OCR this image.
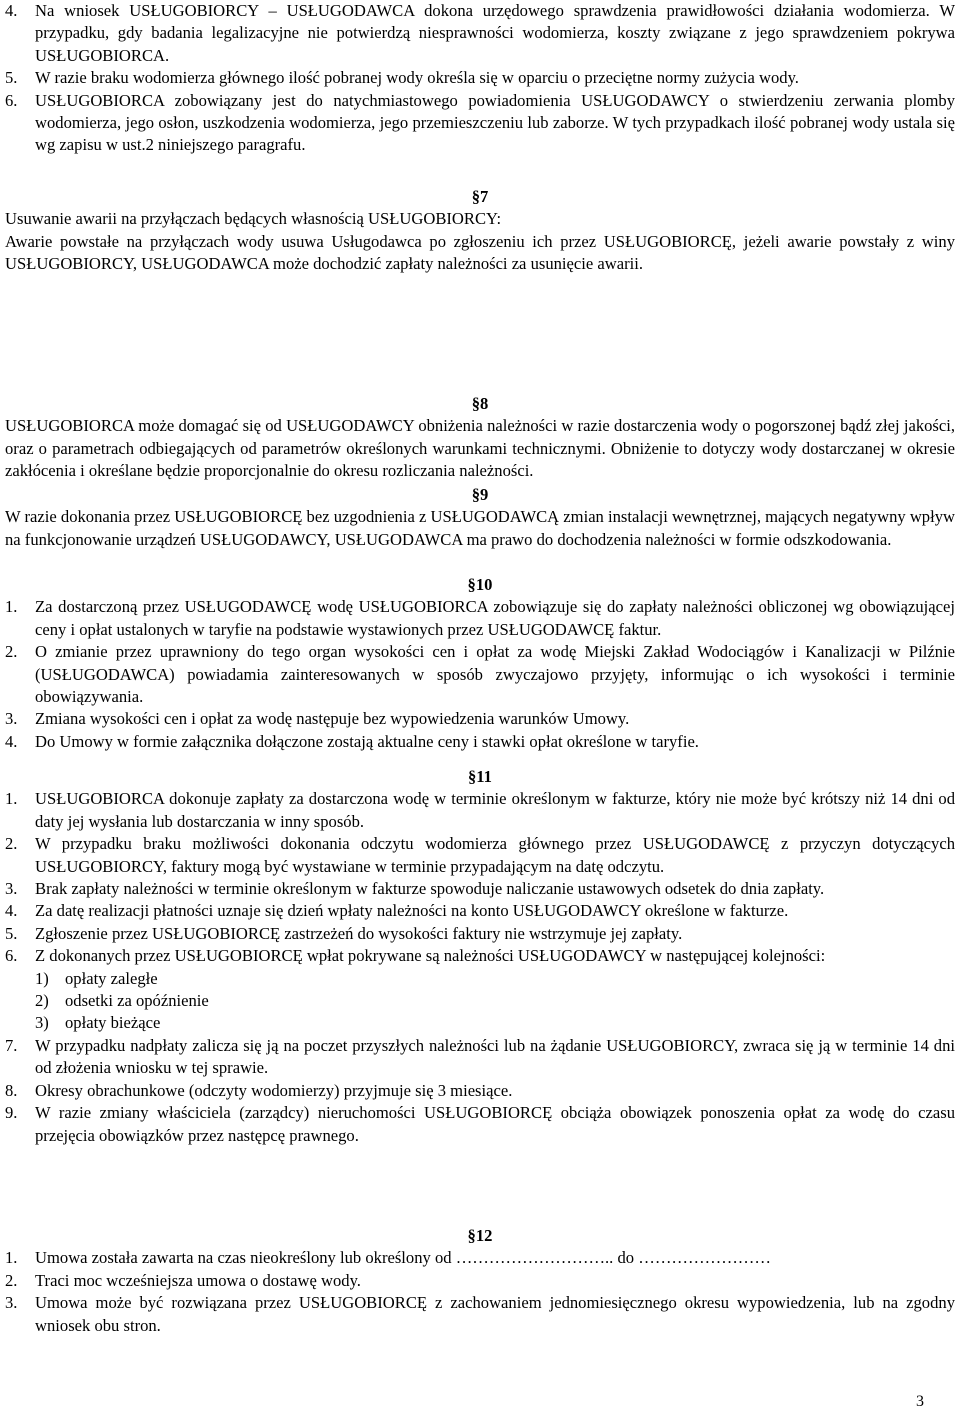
4. Na wniosek USŁUGOBIORCY – USŁUGODAWCA dokona urzędowego sprawdzenia prawidłowości działania wodomierza. W przypadku, gdy badania legalizacyjne nie potwierdzą niesprawności wodomierza, koszty związane z jego sprawdzeniem pokrywa USŁUGOBIORCA.
5. W razie braku wodomierza głównego ilość pobranej wody określa się w oparciu o przeciętne normy zużycia wody.
6. USŁUGOBIORCA zobowiązany jest do natychmiastowego powiadomienia USŁUGODAWCY o stwierdzeniu zerwania plomby wodomierza, jego osłon, uszkodzenia wodomierza, jego przemieszczeniu lub zaborze. W tych przypadkach ilość pobranej wody ustala się wg zapisu w ust.2 niniejszego paragrafu.
§7
Usuwanie awarii na przyłączach będących własnością USŁUGOBIORCY:
Awarie powstałe na przyłączach wody usuwa Usługodawca po zgłoszeniu ich przez USŁUGOBIORCĘ, jeżeli awarie powstały z winy USŁUGOBIORCY, USŁUGODAWCA może dochodzić zapłaty należności za usunięcie awarii.
§8
USŁUGOBIORCA może domagać się od USŁUGODAWCY obniżenia należności w razie dostarczenia wody o pogorszonej bądź złej jakości, oraz o parametrach odbiegających od parametrów określonych warunkami technicznymi. Obniżenie to dotyczy wody dostarczanej w okresie zakłócenia i określane będzie proporcjonalnie do okresu rozliczania należności.
§9
W razie dokonania przez USŁUGOBIORCĘ bez uzgodnienia z USŁUGODAWCĄ zmian instalacji wewnętrznej, mających negatywny wpływ na funkcjonowanie urządzeń USŁUGODAWCY, USŁUGODAWCA ma prawo do dochodzenia należności w formie odszkodowania.
§10
1. Za dostarczoną przez USŁUGODAWCĘ wodę USŁUGOBIORCA zobowiązuje się do zapłaty należności obliczonej wg obowiązującej ceny i opłat ustalonych w taryfie na podstawie wystawionych przez USŁUGODAWCĘ faktur.
2. O zmianie przez uprawniony do tego organ wysokości cen i opłat za wodę Miejski Zakład Wodociągów i Kanalizacji w Pilźnie (USŁUGODAWCA) powiadamia zainteresowanych w sposób zwyczajowo przyjęty, informując o ich wysokości i terminie obowiązywania.
3. Zmiana wysokości cen i opłat za wodę następuje bez wypowiedzenia warunków Umowy.
4. Do Umowy w formie załącznika dołączone zostają aktualne ceny i stawki opłat określone w taryfie.
§11
1. USŁUGOBIORCA dokonuje zapłaty za dostarczona wodę w terminie określonym w fakturze, który nie może być krótszy niż 14 dni od daty jej wysłania lub dostarczania w inny sposób.
2. W przypadku braku możliwości dokonania odczytu wodomierza głównego przez USŁUGODAWCĘ z przyczyn dotyczących USŁUGOBIORCY, faktury mogą być wystawiane w terminie przypadającym na datę odczytu.
3. Brak zapłaty należności w terminie określonym w fakturze spowoduje naliczanie ustawowych odsetek do dnia zapłaty.
4. Za datę realizacji płatności uznaje się dzień wpłaty należności na konto USŁUGODAWCY określone w fakturze.
5. Zgłoszenie przez USŁUGOBIORCĘ zastrzeżeń do wysokości faktury nie wstrzymuje jej zapłaty.
6. Z dokonanych przez USŁUGOBIORCĘ wpłat pokrywane są należności USŁUGODAWCY w następującej kolejności:
1) opłaty zaległe
2) odsetki za opóźnienie
3) opłaty bieżące
7. W przypadku nadpłaty zalicza się ją na poczet przyszłych należności lub na żądanie USŁUGOBIORCY, zwraca się ją w terminie 14 dni od złożenia wniosku w tej sprawie.
8. Okresy obrachunkowe (odczyty wodomierzy) przyjmuje się 3 miesiące.
9. W razie zmiany właściciela (zarządcy) nieruchomości USŁUGOBIORCĘ obciąża obowiązek ponoszenia opłat za wodę do czasu przejęcia obowiązków przez następcę prawnego.
§12
1. Umowa została zawarta na czas nieokreślony lub określony od ……………………….. do ……………………
2. Traci moc wcześniejsza umowa o dostawę wody.
3. Umowa może być rozwiązana przez USŁUGOBIORCĘ z zachowaniem jednomiesięcznego okresu wypowiedzenia, lub na zgodny wniosek obu stron.
3
